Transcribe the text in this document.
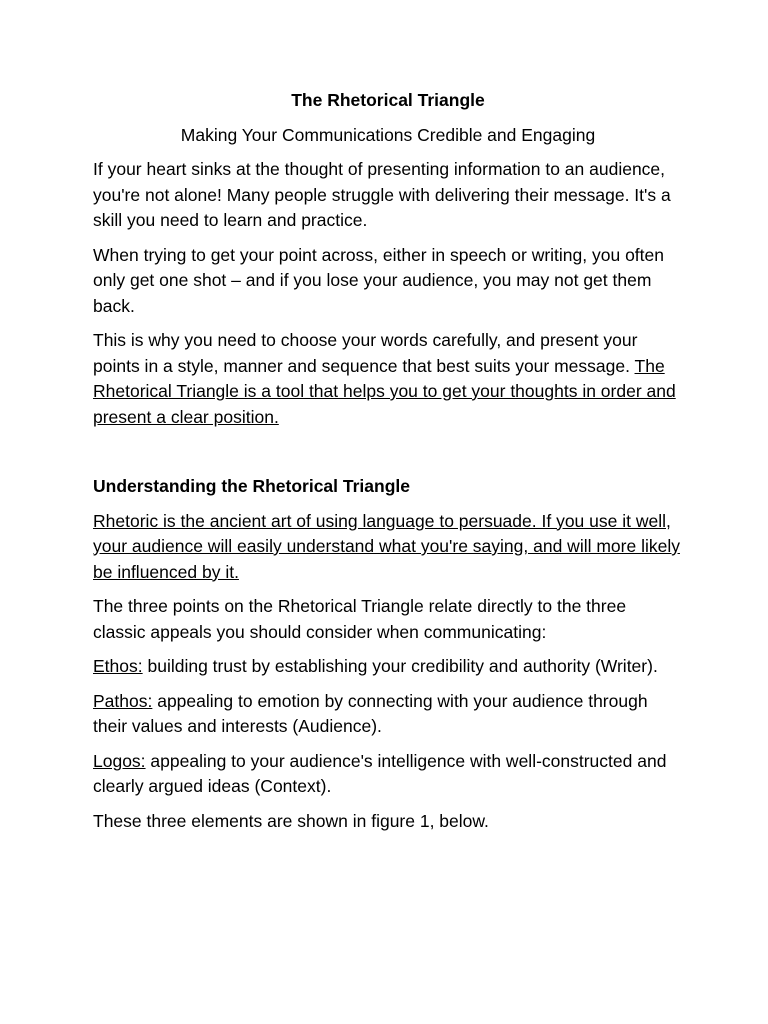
The Rhetorical Triangle

Making Your Communications Credible and Engaging

If your heart sinks at the thought of presenting information to an audience, you're not alone! Many people struggle with delivering their message. It's a skill you need to learn and practice.

When trying to get your point across, either in speech or writing, you often only get one shot – and if you lose your audience, you may not get them back.

This is why you need to choose your words carefully, and present your points in a style, manner and sequence that best suits your message. The Rhetorical Triangle is a tool that helps you to get your thoughts in order and present a clear position.

Understanding the Rhetorical Triangle

Rhetoric is the ancient art of using language to persuade. If you use it well, your audience will easily understand what you're saying, and will more likely be influenced by it.

The three points on the Rhetorical Triangle relate directly to the three classic appeals you should consider when communicating:

Ethos: building trust by establishing your credibility and authority (Writer).

Pathos: appealing to emotion by connecting with your audience through their values and interests (Audience).

Logos: appealing to your audience's intelligence with well-constructed and clearly argued ideas (Context).

These three elements are shown in figure 1, below.
